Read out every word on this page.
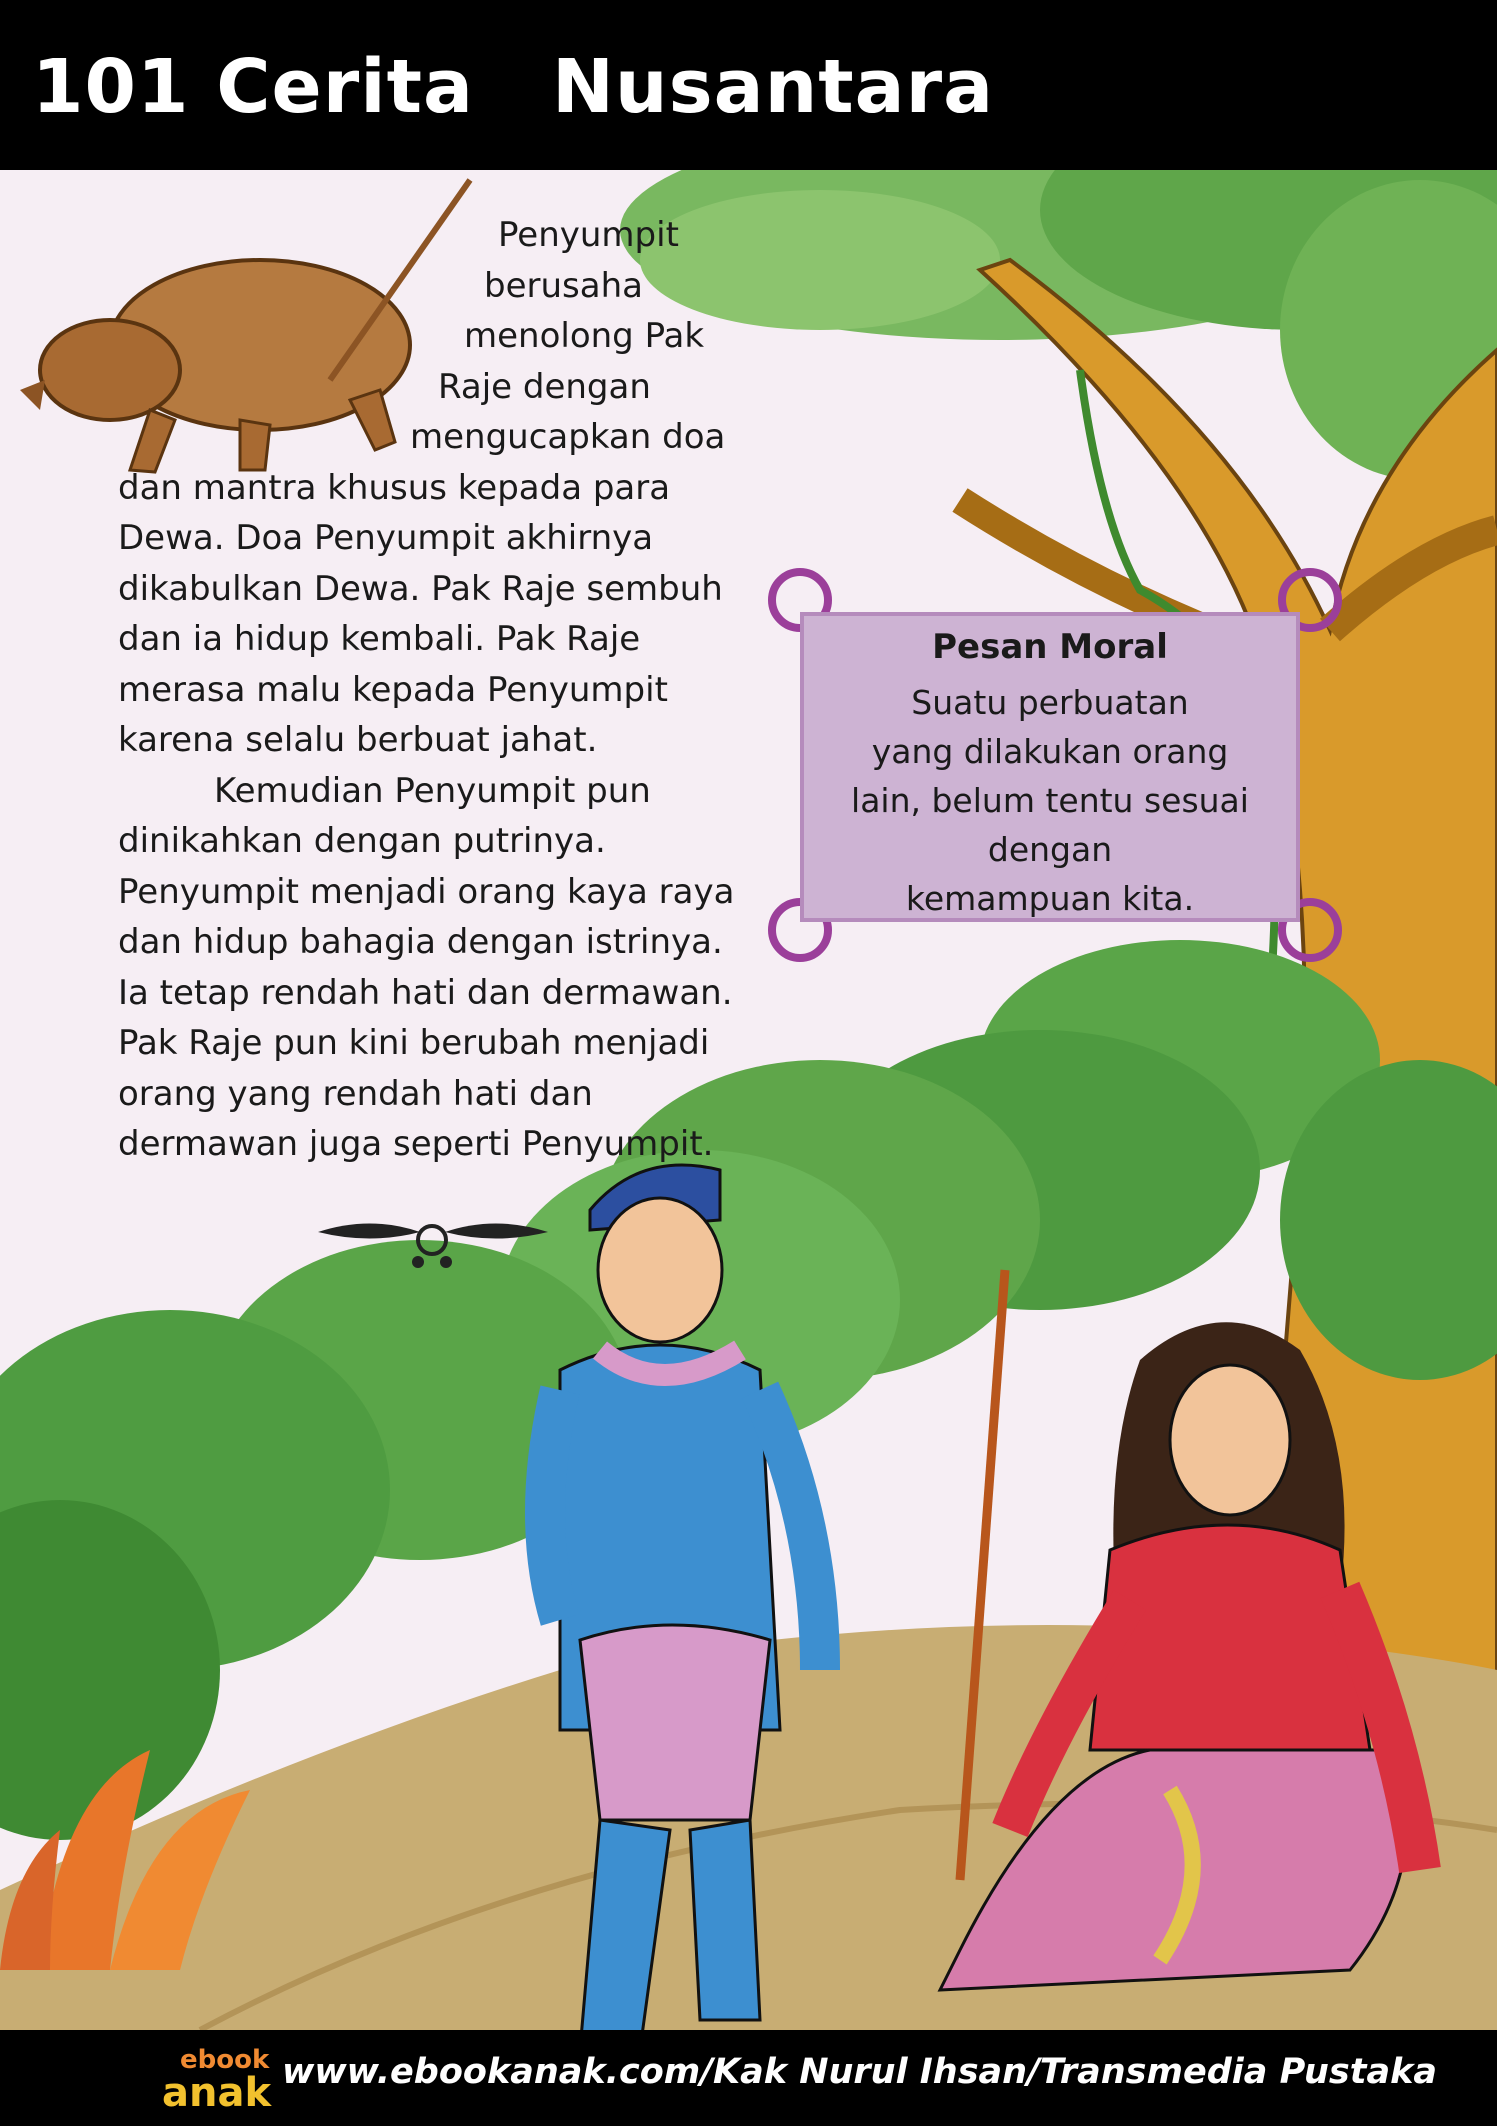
101 Cerita Nusantara
Penyumpit
berusaha
menolong Pak
Raje dengan
mengucapkan doa
dan mantra khusus kepada para
Dewa. Doa Penyumpit akhirnya
dikabulkan Dewa. Pak Raje sembuh
dan ia hidup kembali. Pak Raje
merasa malu kepada Penyumpit
karena selalu berbuat jahat.
Kemudian Penyumpit pun
dinikahkan dengan putrinya.
Penyumpit menjadi orang kaya raya
dan hidup bahagia dengan istrinya.
Ia tetap rendah hati dan dermawan.
Pak Raje pun kini berubah menjadi
orang yang rendah hati dan
dermawan juga seperti Penyumpit.
Pesan Moral
Suatu perbuatan
yang dilakukan orang
lain, belum tentu sesuai
dengan
kemampuan kita.
ebook
anak www.ebookanak.com/Kak Nurul Ihsan/Transmedia Pustaka
